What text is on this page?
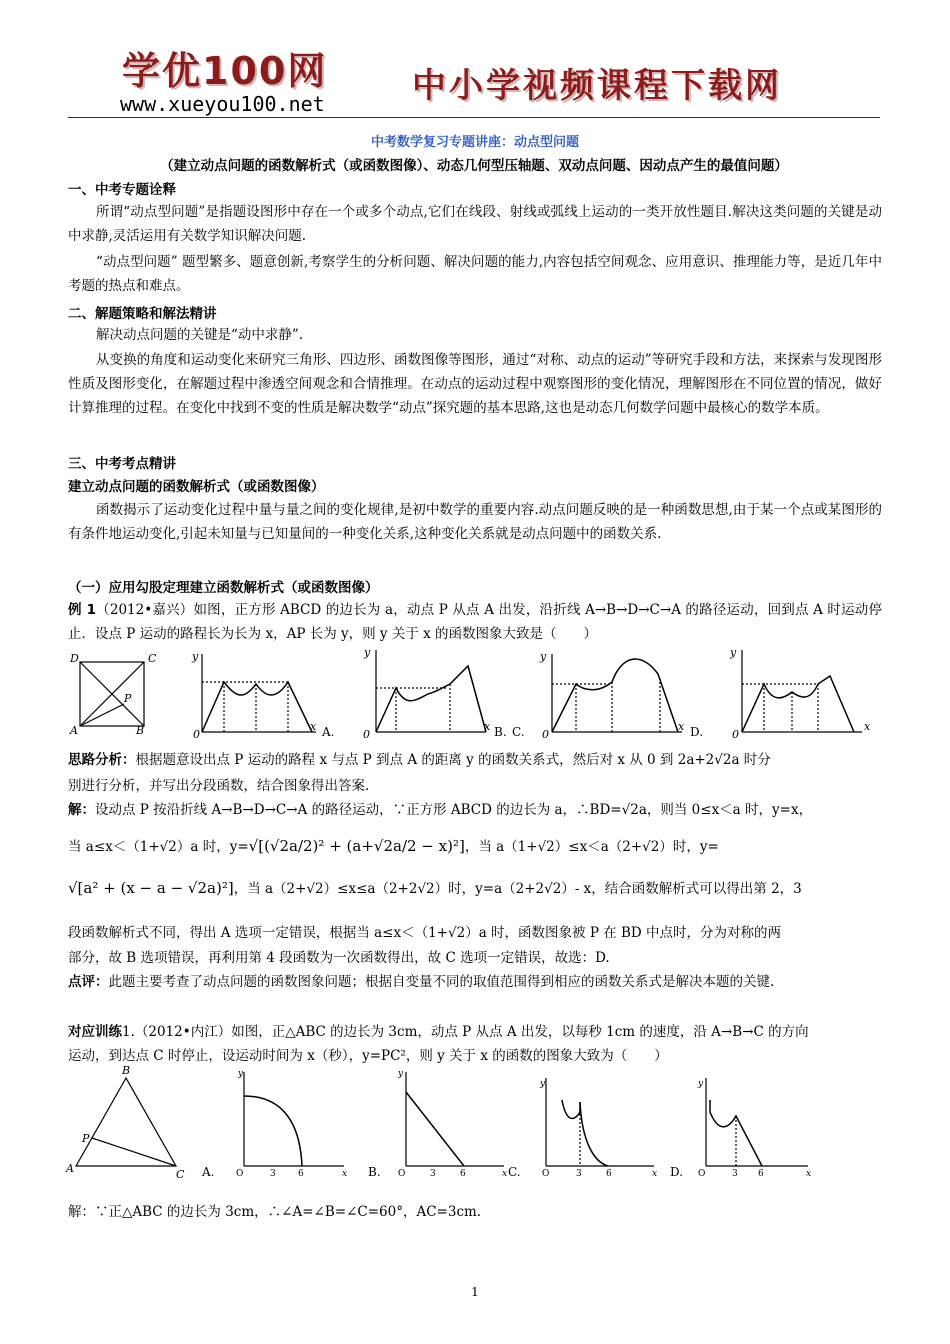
学优100网
www.xueyou100.net	中小学视频课程下载网
中考数学复习专题讲座：动点型问题
（建立动点问题的函数解析式（或函数图像）、动态几何型压轴题、双动点问题、因动点产生的最值问题）
一、中考专题诠释
所谓“动点型问题”是指题设图形中存在一个或多个动点,它们在线段、射线或弧线上运动的一类开放性题目.解决这类问题的关键是动中求静,灵活运用有关数学知识解决问题.
“动点型问题” 题型繁多、题意创新,考察学生的分析问题、解决问题的能力,内容包括空间观念、应用意识、推理能力等，是近几年中考题的热点和难点。
二、解题策略和解法精讲
解决动点问题的关键是“动中求静”.
从变换的角度和运动变化来研究三角形、四边形、函数图像等图形，通过“对称、动点的运动”等研究手段和方法，来探索与发现图形性质及图形变化，在解题过程中渗透空间观念和合情推理。在动点的运动过程中观察图形的变化情况，理解图形在不同位置的情况，做好计算推理的过程。在变化中找到不变的性质是解决数学“动点”探究题的基本思路,这也是动态几何数学问题中最核心的数学本质。
三、中考考点精讲
建立动点问题的函数解析式（或函数图像）
函数揭示了运动变化过程中量与量之间的变化规律,是初中数学的重要内容.动点问题反映的是一种函数思想,由于某一个点或某图形的有条件地运动变化,引起未知量与已知量间的一种变化关系,这种变化关系就是动点问题中的函数关系.
（一）应用勾股定理建立函数解析式（或函数图像）
例 1（2012•嘉兴）如图，正方形 ABCD 的边长为 a，动点 P 从点 A 出发，沿折线 A→B→D→C→A 的路径运动，回到点 A 时运动停止．设点 P 运动的路程长为长为 x，AP 长为 y，则 y 关于 x 的函数图象大致是（　　）
D	C
A	B
P
0
y
x A.	0
y
x B.	0
y
x
C.	0
y
x
D.
思路分析：根据题意设出点 P 运动的路程 x 与点 P 到点 A 的距离 y 的函数关系式，然后对 x 从 0 到 2a+2√2a 时分
别进行分析，并写出分段函数，结合图象得出答案.
解：设动点 P 按沿折线 A→B→D→C→A 的路径运动，∵正方形 ABCD 的边长为 a，∴BD=√2a，则当 0≤x＜a 时，y=x，
当 a≤x＜（1+√2）a 时，y=√[(√2a/2)² + (a+√2a/2 − x)²]，当 a（1+√2）≤x＜a（2+√2）时，y=
√[a² + (x − a − √2a)²]，当 a（2+√2）≤x≤a（2+2√2）时，y=a（2+2√2）- x，结合函数解析式可以得出第 2，3
段函数解析式不同，得出 A 选项一定错误，根据当 a≤x＜（1+√2）a 时，函数图象被 P 在 BD 中点时，分为对称的两
部分，故 B 选项错误，再利用第 4 段函数为一次函数得出，故 C 选项一定错误，故选：D.
点评：此题主要考查了动点问题的函数图象问题；根据自变量不同的取值范围得到相应的函数关系式是解决本题的关键.
对应训练1.（2012•内江）如图，正△ABC 的边长为 3cm，动点 P 从点 A 出发，以每秒 1cm 的速度，沿 A→B→C 的方向
运动，到达点 C 时停止，设运动时间为 x（秒），y=PC²，则 y 关于 x 的函数的图象大致为（　　）
B
A	C
P
O	3 6
y
x
A.	O	3	6
y
x
B.	O	3	6
y
x
C.	O	3 6
y
x
D.
解：∵正△ABC 的边长为 3cm，∴∠A=∠B=∠C=60°，AC=3cm.
1
